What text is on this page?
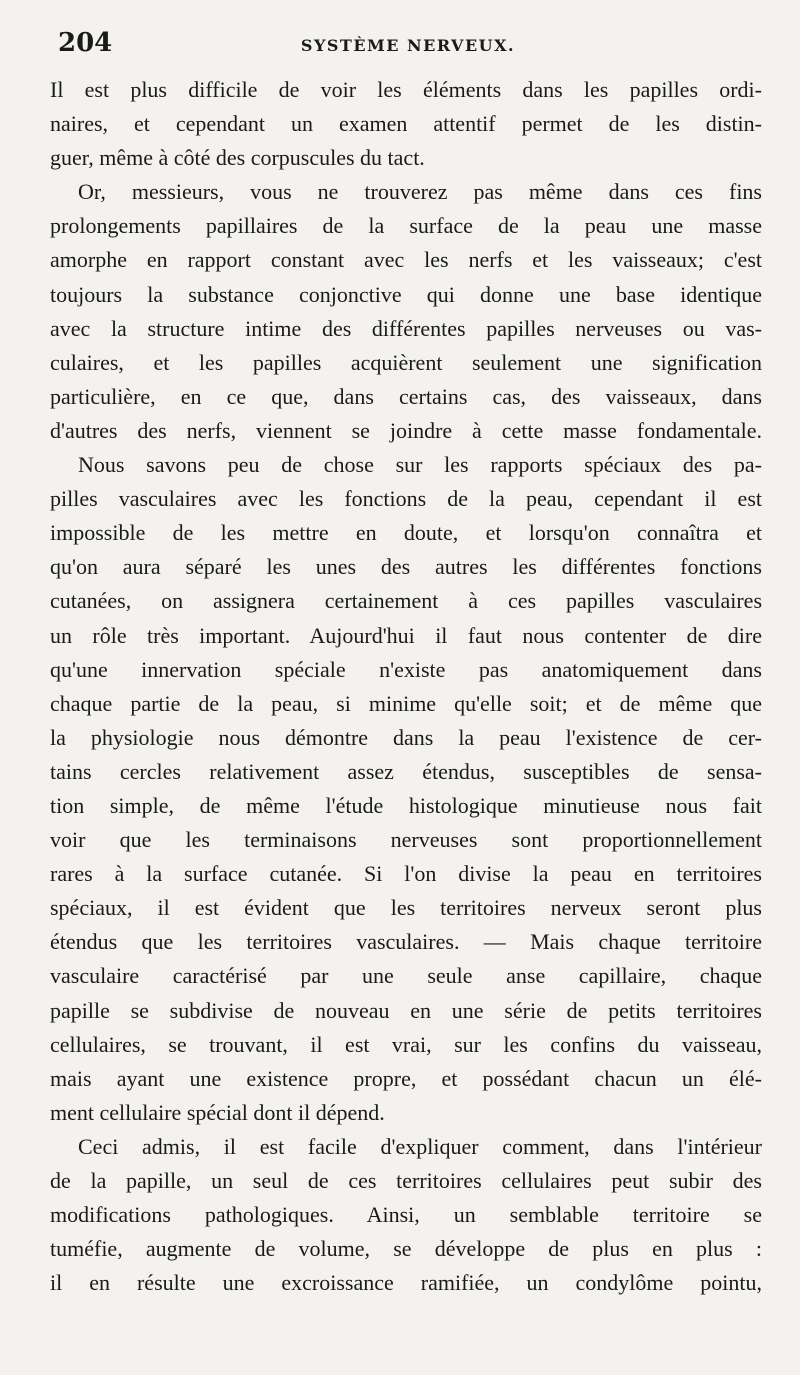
204	SYSTÈME NERVEUX.
Il est plus difficile de voir les éléments dans les papilles ordi-
naires, et cependant un examen attentif permet de les distin-
guer, même à côté des corpuscules du tact.
Or, messieurs, vous ne trouverez pas même dans ces fins
prolongements papillaires de la surface de la peau une masse
amorphe en rapport constant avec les nerfs et les vaisseaux; c'est
toujours la substance conjonctive qui donne une base identique
avec la structure intime des différentes papilles nerveuses ou vas-
culaires, et les papilles acquièrent seulement une signification
particulière, en ce que, dans certains cas, des vaisseaux, dans
d'autres des nerfs, viennent se joindre à cette masse fondamentale.
Nous savons peu de chose sur les rapports spéciaux des pa-
pilles vasculaires avec les fonctions de la peau, cependant il est
impossible de les mettre en doute, et lorsqu'on connaîtra et
qu'on aura séparé les unes des autres les différentes fonctions
cutanées, on assignera certainement à ces papilles vasculaires
un rôle très important. Aujourd'hui il faut nous contenter de dire
qu'une innervation spéciale n'existe pas anatomiquement dans
chaque partie de la peau, si minime qu'elle soit; et de même que
la physiologie nous démontre dans la peau l'existence de cer-
tains cercles relativement assez étendus, susceptibles de sensa-
tion simple, de même l'étude histologique minutieuse nous fait
voir que les terminaisons nerveuses sont proportionnellement
rares à la surface cutanée. Si l'on divise la peau en territoires
spéciaux, il est évident que les territoires nerveux seront plus
étendus que les territoires vasculaires. — Mais chaque territoire
vasculaire caractérisé par une seule anse capillaire, chaque
papille se subdivise de nouveau en une série de petits territoires
cellulaires, se trouvant, il est vrai, sur les confins du vaisseau,
mais ayant une existence propre, et possédant chacun un élé-
ment cellulaire spécial dont il dépend.
Ceci admis, il est facile d'expliquer comment, dans l'intérieur
de la papille, un seul de ces territoires cellulaires peut subir des
modifications pathologiques. Ainsi, un semblable territoire se
tuméfie, augmente de volume, se développe de plus en plus :
il en résulte une excroissance ramifiée, un condylôme pointu,
